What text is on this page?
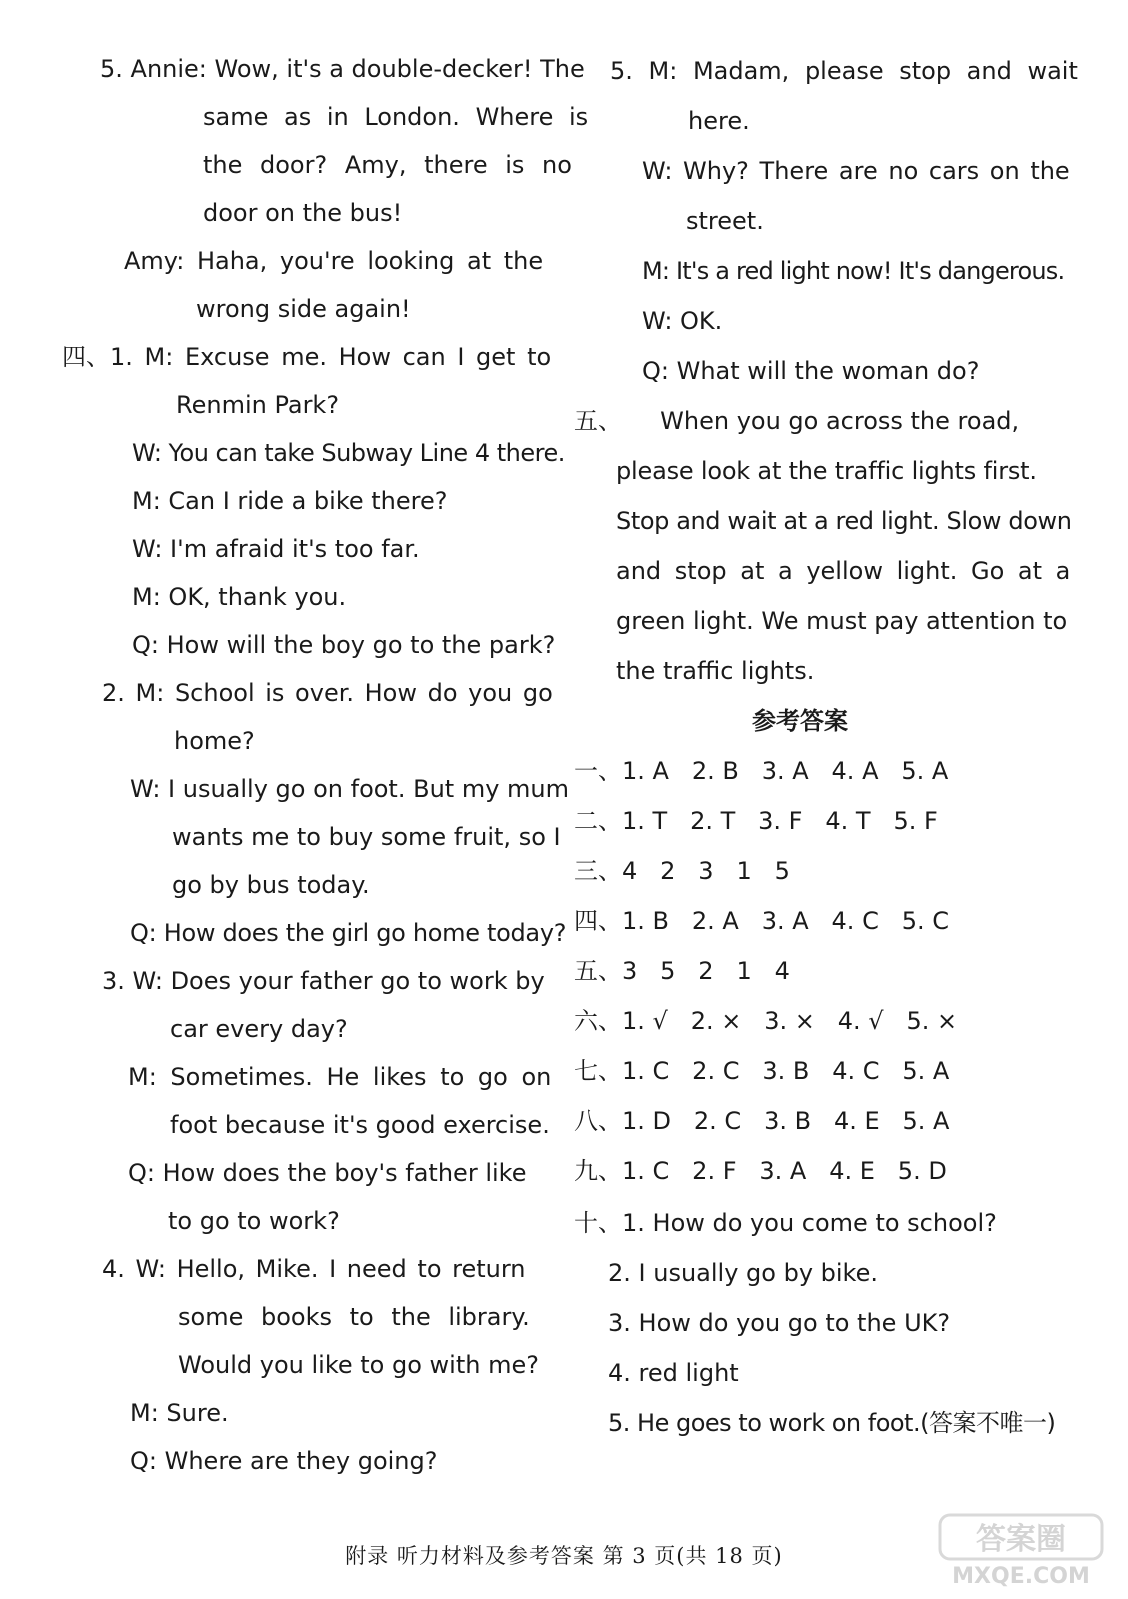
5. Annie: Wow, it's a double-decker! The
same as in London. Where is
the door? Amy, there is no
door on the bus!
Amy: Haha, you're looking at the
wrong side again!
四、1. M: Excuse me. How can I get to
Renmin Park?
W: You can take Subway Line 4 there.
M: Can I ride a bike there?
W: I'm afraid it's too far.
M: OK, thank you.
Q: How will the boy go to the park?
2. M: School is over. How do you go
home?
W: I usually go on foot. But my mum
wants me to buy some fruit, so I
go by bus today.
Q: How does the girl go home today?
3. W: Does your father go to work by
car every day?
M: Sometimes. He likes to go on
foot because it's good exercise.
Q: How does the boy's father like
to go to work?
4. W: Hello, Mike. I need to return
some books to the library.
Would you like to go with me?
M: Sure.
Q: Where are they going?
5. M: Madam, please stop and wait
here.
W: Why? There are no cars on the
street.
M: It's a red light now! It's dangerous.
W: OK.
Q: What will the woman do?
五、     When you go across the road,
please look at the traffic lights first.
Stop and wait at a red light. Slow down
and stop at a yellow light. Go at a
green light. We must pay attention to
the traffic lights.
参考答案
一、1. A   2. B   3. A   4. A   5. A
二、1. T   2. T   3. F   4. T   5. F
三、4   2   3   1   5
四、1. B   2. A   3. A   4. C   5. C
五、3   5   2   1   4
六、1. √   2. ×   3. ×   4. √   5. ×
七、1. C   2. C   3. B   4. C   5. A
八、1. D   2. C   3. B   4. E   5. A
九、1. C   2. F   3. A   4. E   5. D
十、1. How do you come to school?
2. I usually go by bike.
3. How do you go to the UK?
4. red light
5. He goes to work on foot.(答案不唯一)
附录 听力材料及参考答案 第 3 页(共 18 页)	答案圈
MXQE.COM
